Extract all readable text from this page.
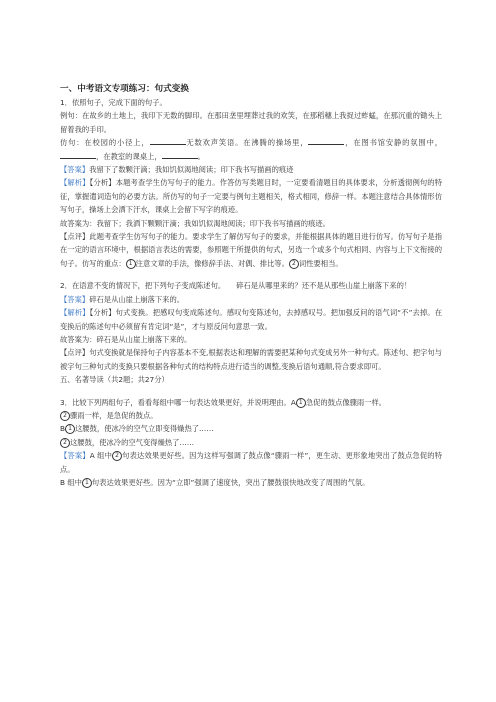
一、中考语文专项练习：句式变换

1．依照句子，完成下面的句子。

例句：在故乡的土地上，我印下无数的脚印。在那田垄里埋葬过我的欢笑，在那稻穗上我捉过蚱蜢，在那沉重的锄头上留着我的手印。

仿句：在校园的小径上，	无数欢声笑语。在沸腾的操场里，	，在图书馆安静的氛围中，，在教室的课桌上，	。

【答案】我留下了数颗汗滴；我如饥似渴地阅读；印下我书写描画的痕迹

【解析】【分析】本题考查学生仿写句子的能力。作答仿写类题目时，一定要看清题目的具体要求，分析透彻例句的特征，掌握遣词造句的必要方法。所仿写的句子一定要与例句主题相关，格式相同，修辞一样。本题注意结合具体情形仿写句子，操场上会洒下汗水，课桌上会留下写字的痕迹。

故答案为：我留下；我洒下颗颗汗滴；我如饥似渴地阅读；印下我书写描画的痕迹。

【点评】此题考查学生仿写句子的能力。要求学生了解仿写句子的要求，并能根据具体的题目进行仿写。仿写句子是指在一定的语言环境中，根据语言表达的需要，参照题干所提供的句式，另选一个或多个句式相同、内容与上下文衔接的句子。仿写的重点： 1 注意文章的手法，像修辞手法、对偶、排比等。 2 词性要相当。

2．在语意不变的情况下，把下列句子变成陈述句。　　碎石是从哪里来的？还不是从那些山崖上崩落下来的！

【答案】碎石是从山崖上崩落下来的。

【解析】【分析】句式变换。把感叹句变成陈述句。感叹句变陈述句，去掉感叹号。把加强反问的语气词“不”去掉。在变换后的陈述句中必须留有肯定词“是”，才与原反问句意思一致。

故答案为：碎石是从山崖上崩落下来的。

【点评】句式变换就是保持句子内容基本不变,根据表达和理解的需要把某种句式变成另外一种句式。陈述句、把字句与被字句三种句式的变换只要根据各种句式的结构特点进行适当的调整,变换后语句通顺,符合要求即可。

五、名著导读（共2题；共27分）

3．比较下列两组句子，看看每组中哪一句表达效果更好，并说明理由。A 1 急促的鼓点像骤雨一样。

2 骤雨一样，是急促的鼓点。

B 1 这腰鼓，使冰冷的空气立即变得燥热了……

2 这腰鼓，使冰冷的空气变得燥热了……

【答案】A 组中 2 句表达效果更好些。因为这样写强调了鼓点像“骤雨一样”，更生动、更形象地突出了鼓点急促的特点。

B 组中 1 句表达效果更好些。因为“立即”强调了速度快，突出了腰鼓很快地改变了周围的气氛。
